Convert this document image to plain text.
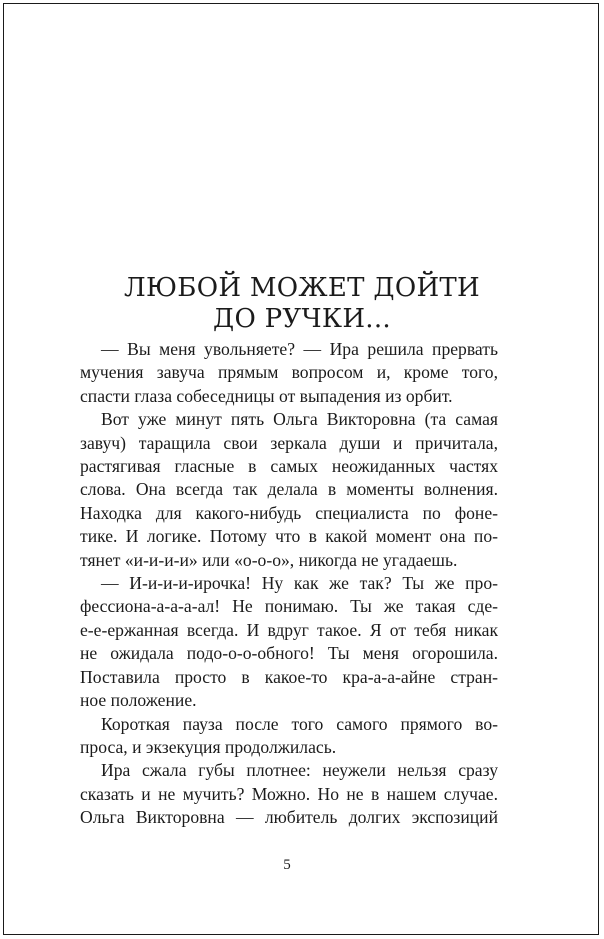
ЛЮБОЙ МОЖЕТ ДОЙТИ
ДО РУЧКИ...

— Вы меня увольняете? — Ира решила прервать
мучения завуча прямым вопросом и, кроме того,
спасти глаза собеседницы от выпадения из орбит.

Вот уже минут пять Ольга Викторовна (та самая
завуч) таращила свои зеркала души и причитала,
растягивая гласные в самых неожиданных частях
слова. Она всегда так делала в моменты волнения.
Находка для какого-нибудь специалиста по фоне-
тике. И логике. Потому что в какой момент она по-
тянет «и-и-и-и» или «о-о-о», никогда не угадаешь.

— И-и-и-и-ирочка! Ну как же так? Ты же про-
фессиона-а-а-а-ал! Не понимаю. Ты же такая сде-
е-е-ержанная всегда. И вдруг такое. Я от тебя никак
не ожидала подо-о-о-обного! Ты меня огорошила.
Поставила просто в какое-то кра-а-а-айне стран-
ное положение.

Короткая пауза после того самого прямого во-
проса, и экзекуция продолжилась.

Ира сжала губы плотнее: неужели нельзя сразу
сказать и не мучить? Можно. Но не в нашем случае.
Ольга Викторовна — любитель долгих экспозиций

5
